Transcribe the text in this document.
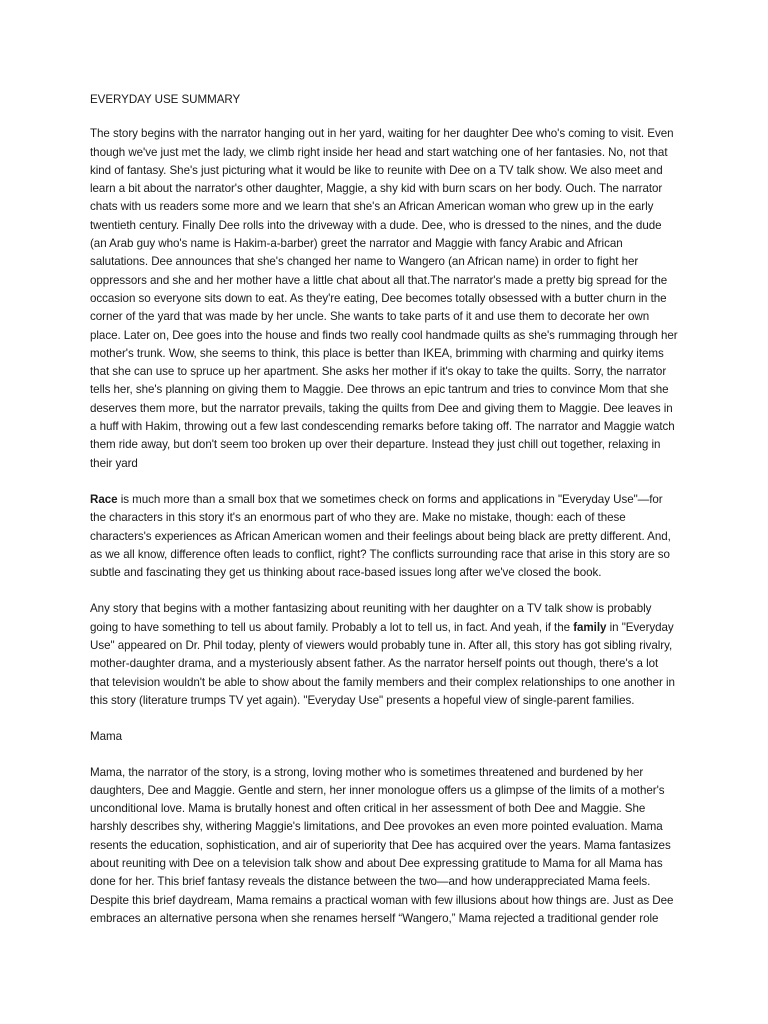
EVERYDAY USE SUMMARY

The story begins with the narrator hanging out in her yard, waiting for her daughter Dee who's coming to visit. Even though we've just met the lady, we climb right inside her head and start watching one of her fantasies. No, not that kind of fantasy. She's just picturing what it would be like to reunite with Dee on a TV talk show. We also meet and learn a bit about the narrator's other daughter, Maggie, a shy kid with burn scars on her body. Ouch. The narrator chats with us readers some more and we learn that she's an African American woman who grew up in the early twentieth century. Finally Dee rolls into the driveway with a dude. Dee, who is dressed to the nines, and the dude (an Arab guy who's name is Hakim-a-barber) greet the narrator and Maggie with fancy Arabic and African salutations. Dee announces that she's changed her name to Wangero (an African name) in order to fight her oppressors and she and her mother have a little chat about all that.The narrator's made a pretty big spread for the occasion so everyone sits down to eat. As they're eating, Dee becomes totally obsessed with a butter churn in the corner of the yard that was made by her uncle. She wants to take parts of it and use them to decorate her own place. Later on, Dee goes into the house and finds two really cool handmade quilts as she's rummaging through her mother's trunk. Wow, she seems to think, this place is better than IKEA, brimming with charming and quirky items that she can use to spruce up her apartment. She asks her mother if it's okay to take the quilts. Sorry, the narrator tells her, she's planning on giving them to Maggie. Dee throws an epic tantrum and tries to convince Mom that she deserves them more, but the narrator prevails, taking the quilts from Dee and giving them to Maggie. Dee leaves in a huff with Hakim, throwing out a few last condescending remarks before taking off. The narrator and Maggie watch them ride away, but don't seem too broken up over their departure. Instead they just chill out together, relaxing in their yard

Race is much more than a small box that we sometimes check on forms and applications in "Everyday Use"—for the characters in this story it's an enormous part of who they are. Make no mistake, though: each of these characters's experiences as African American women and their feelings about being black are pretty different. And, as we all know, difference often leads to conflict, right? The conflicts surrounding race that arise in this story are so subtle and fascinating they get us thinking about race-based issues long after we've closed the book.

Any story that begins with a mother fantasizing about reuniting with her daughter on a TV talk show is probably going to have something to tell us about family. Probably a lot to tell us, in fact. And yeah, if the family in "Everyday Use" appeared on Dr. Phil today, plenty of viewers would probably tune in. After all, this story has got sibling rivalry, mother-daughter drama, and a mysteriously absent father. As the narrator herself points out though, there's a lot that television wouldn't be able to show about the family members and their complex relationships to one another in this story (literature trumps TV yet again). "Everyday Use" presents a hopeful view of single-parent families.

Mama

Mama, the narrator of the story, is a strong, loving mother who is sometimes threatened and burdened by her daughters, Dee and Maggie. Gentle and stern, her inner monologue offers us a glimpse of the limits of a mother's unconditional love. Mama is brutally honest and often critical in her assessment of both Dee and Maggie. She harshly describes shy, withering Maggie's limitations, and Dee provokes an even more pointed evaluation. Mama resents the education, sophistication, and air of superiority that Dee has acquired over the years. Mama fantasizes about reuniting with Dee on a television talk show and about Dee expressing gratitude to Mama for all Mama has done for her. This brief fantasy reveals the distance between the two—and how underappreciated Mama feels. Despite this brief daydream, Mama remains a practical woman with few illusions about how things are. Just as Dee embraces an alternative persona when she renames herself “Wangero,” Mama rejected a traditional gender role
